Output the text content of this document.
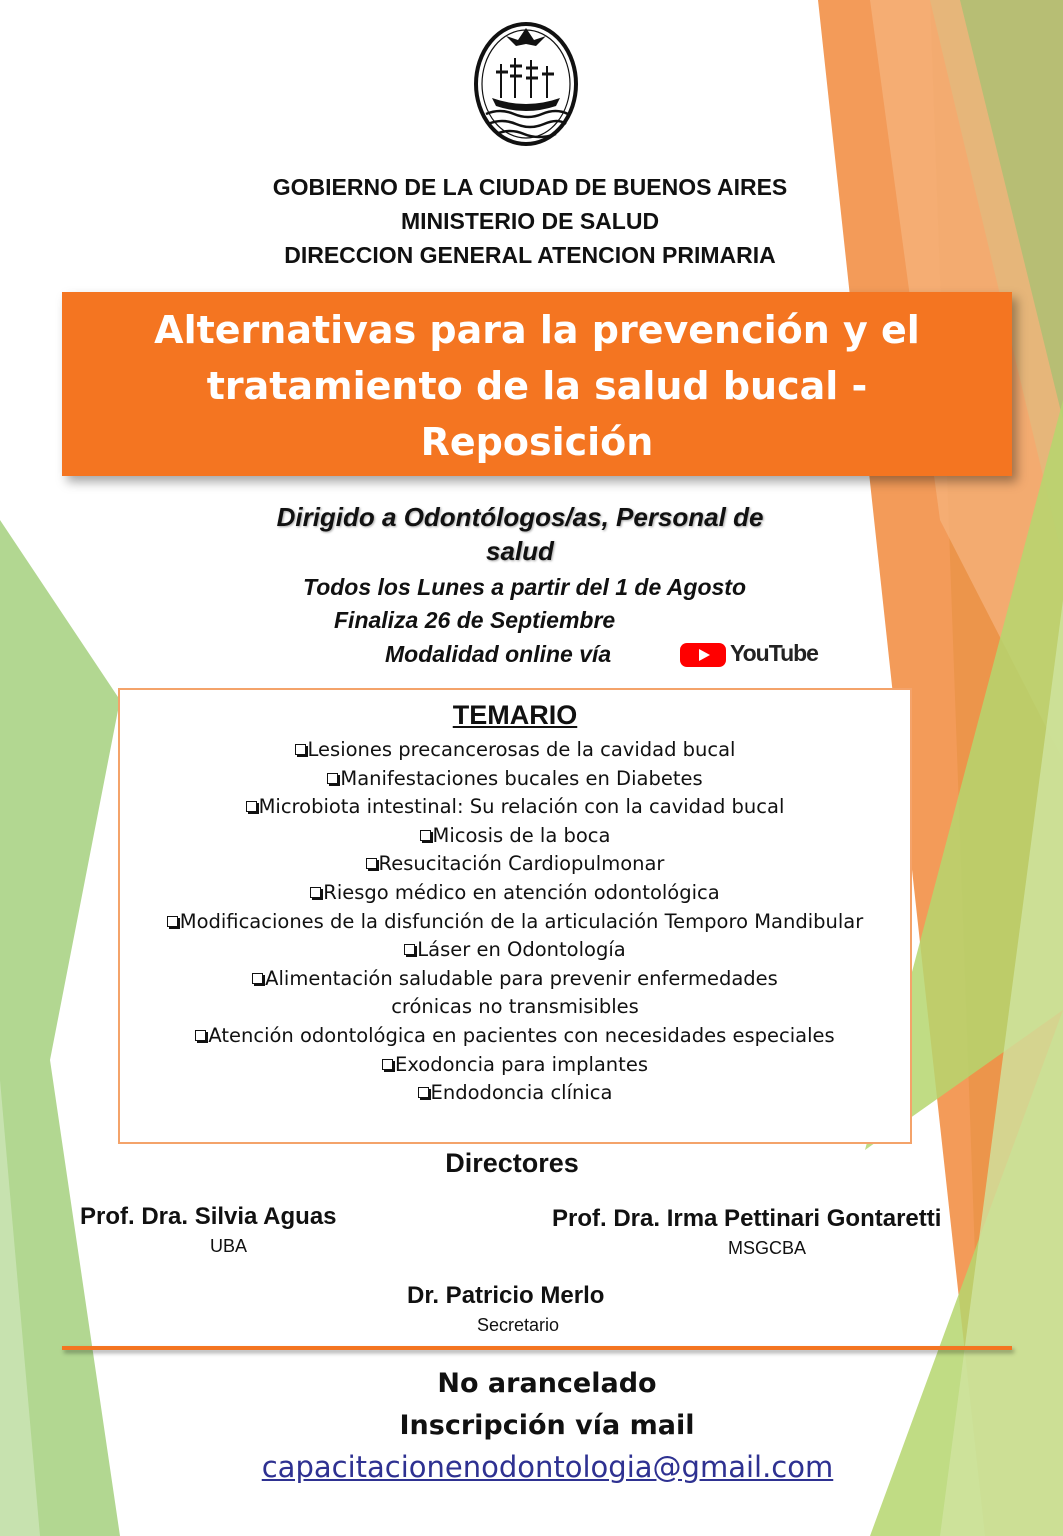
GOBIERNO DE LA CIUDAD DE BUENOS AIRES
MINISTERIO DE SALUD
DIRECCION GENERAL ATENCION PRIMARIA
Alternativas para la prevención y el
tratamiento de la salud bucal -
Reposición
Dirigido a Odontólogos/as, Personal de
salud
Todos los Lunes a partir del 1 de Agosto
Finaliza 26 de Septiembre
Modalidad online vía	YouTube
TEMARIO
Lesiones precancerosas de la cavidad bucal
Manifestaciones bucales en Diabetes
Microbiota intestinal: Su relación con la cavidad bucal
Micosis de la boca
Resucitación Cardiopulmonar
Riesgo médico en atención odontológica
Modificaciones de la disfunción de la articulación Temporo Mandibular
Láser en Odontología
Alimentación saludable para prevenir enfermedades crónicas no transmisibles
Atención odontológica en pacientes con necesidades especiales
Exodoncia para implantes
Endodoncia clínica
Directores
Prof. Dra. Silvia Aguas
UBA
Prof. Dra. Irma Pettinari Gontaretti
MSGCBA
Dr. Patricio Merlo
Secretario
No arancelado
Inscripción vía mail
capacitacionenodontologia@gmail.com
